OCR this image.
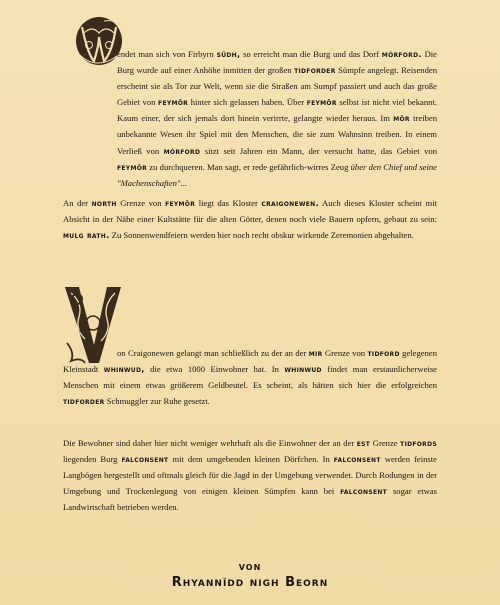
endet man sich von Firbyrn südh, so erreicht man die Burg und das Dorf mórford. Die Burg wurde auf einer Anhöhe inmitten der großen tidforder Sümpfe angelegt. Reisenden erscheint sie als Tor zur Welt, wenn sie die Straßen am Sumpf passiert und auch das große Gebiet von feymôr hinter sich gelassen haben. Über feymôr selbst ist nicht viel bekannt. Kaum einer, der sich jemals dort hinein verirrte, gelangte wieder heraus. Im môr treiben unbekannte Wesen ihr Spiel mit den Menschen, die sie zum Wahnsinn treiben. In einem Verließ von mórford sitzt seit Jahren ein Mann, der versucht hatte, das Gebiet von feymôr zu durchqueren. Man sagt, er rede gefährlich-wirres Zeug über den Chief und seine "Machenschaften"...
An der north Grenze von feymôr liegt das Kloster craigonewen. Auch dieses Kloster scheint mit Absicht in der Nähe einer Kultstätte für die alten Götter, denen noch viele Bauern opfern, gebaut zu sein: mulg rath. Zu Sonnenwendfeiern werden hier noch recht obskur wirkende Zeremonien abgehalten.
on Craigonewen gelangt man schließlich zu der an der mir Grenze von tidford gelegenen Kleinstadt whinwud, die etwa 1000 Einwohner hat. In whinwud findet man erstaunlicherweise Menschen mit einem etwas größerem Geldbeutel. Es scheint, als hätten sich hier die erfolgreichen tidforder Schmuggler zur Ruhe gesetzt.
Die Bewohner sind daher hier nicht weniger wehrhaft als die Einwohner der an der est Grenze tidfords liegenden Burg falconsent mit dem umgebenden kleinen Dörfchen. In falconsent werden feinste Langbögen hergestellt und oftmals gleich für die Jagd in der Umgebung verwendet. Durch Rodungen in der Umgebung und Trockenlegung von einigen kleinen Sümpfen kann bei falconsent sogar etwas Landwirtschaft betrieben werden.
von
Rhyannîdd nigh Beorn
